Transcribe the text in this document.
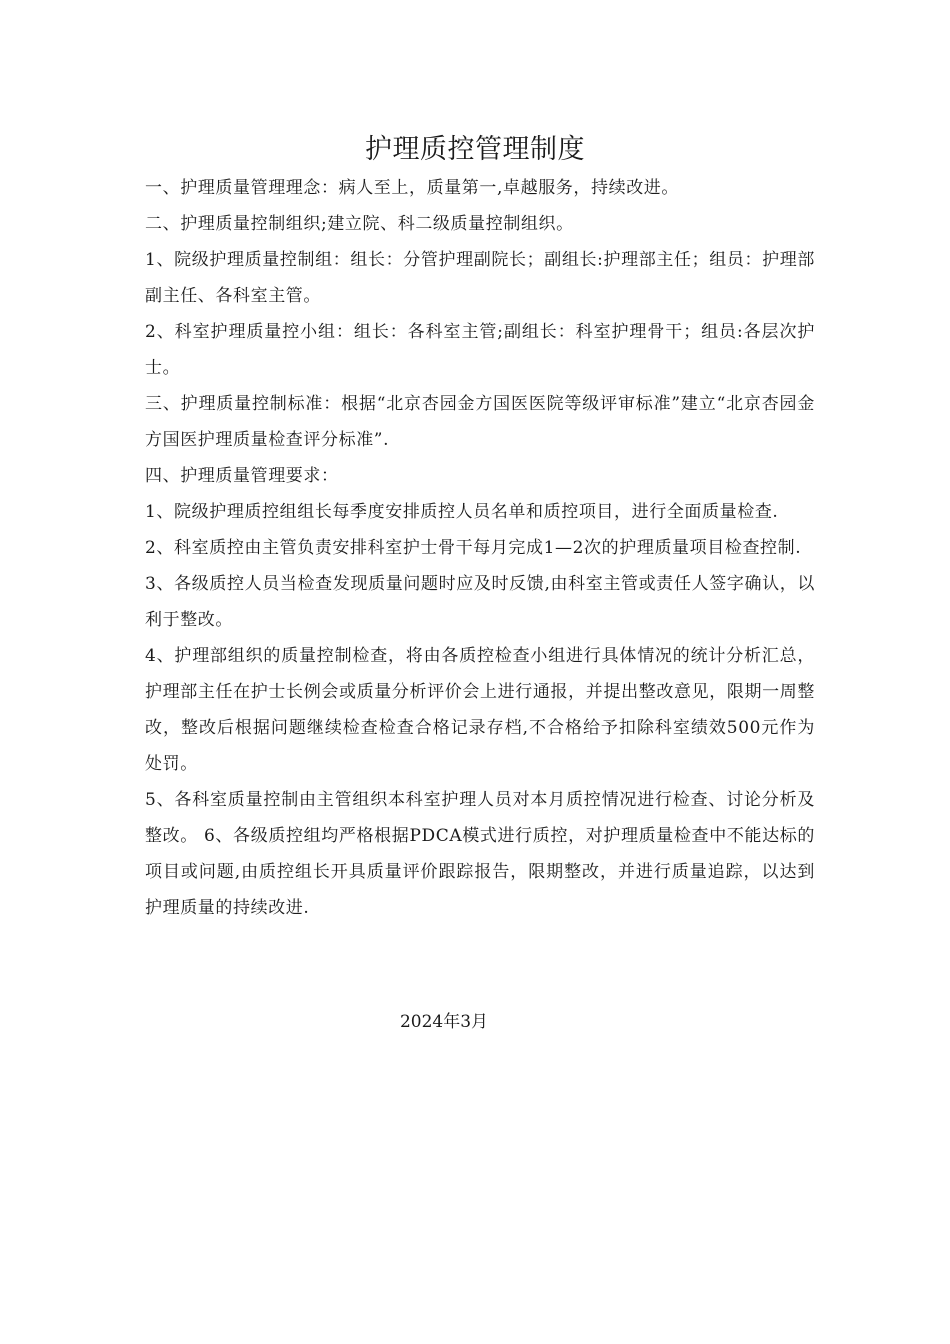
护理质控管理制度

一、护理质量管理理念：病人至上，质量第一,卓越服务，持续改进。

二、护理质量控制组织;建立院、科二级质量控制组织。

1、院级护理质量控制组：组长：分管护理副院长；副组长:护理部主任；组员：护理部副主任、各科室主管。

2、科室护理质量控小组：组长：各科室主管;副组长：科室护理骨干；组员:各层次护士。

三、护理质量控制标准：根据“北京杏园金方国医医院等级评审标准”建立“北京杏园金方国医护理质量检查评分标准”.

四、护理质量管理要求：

1、院级护理质控组组长每季度安排质控人员名单和质控项目，进行全面质量检查.

2、科室质控由主管负责安排科室护士骨干每月完成1—2次的护理质量项目检查控制.

3、各级质控人员当检查发现质量问题时应及时反馈,由科室主管或责任人签字确认，以利于整改。

4、护理部组织的质量控制检查，将由各质控检查小组进行具体情况的统计分析汇总，护理部主任在护士长例会或质量分析评价会上进行通报，并提出整改意见，限期一周整改，整改后根据问题继续检查检查合格记录存档,不合格给予扣除科室绩效500元作为处罚。

5、各科室质量控制由主管组织本科室护理人员对本月质控情况进行检查、讨论分析及整改。 6、各级质控组均严格根据PDCA模式进行质控，对护理质量检查中不能达标的项目或问题,由质控组长开具质量评价跟踪报告，限期整改，并进行质量追踪，以达到护理质量的持续改进.

2024年3月
